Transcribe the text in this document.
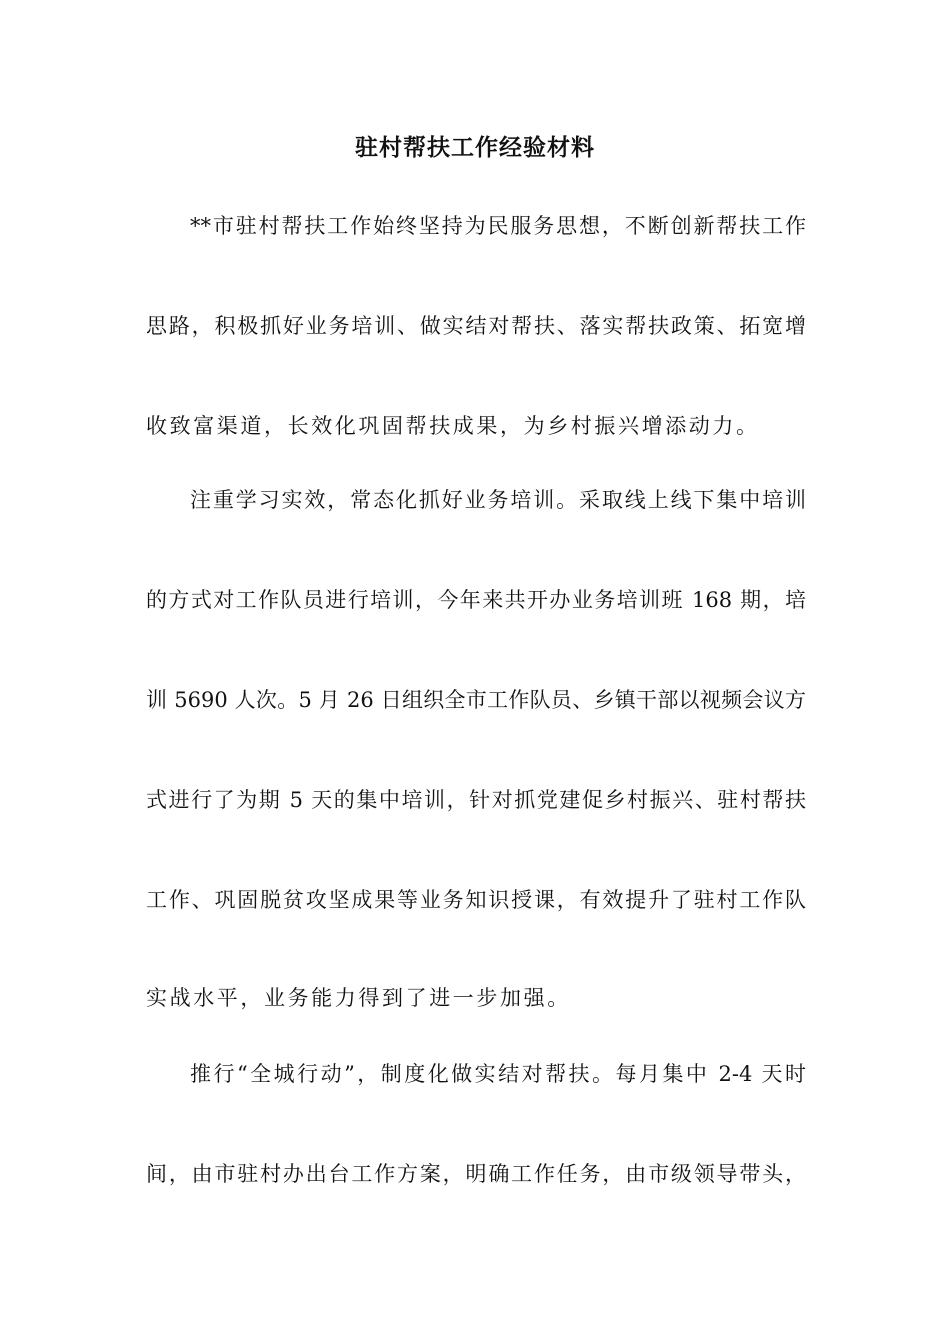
驻村帮扶工作经验材料
**市驻村帮扶工作始终坚持为民服务思想，不断创新帮扶工作
思路，积极抓好业务培训、做实结对帮扶、落实帮扶政策、拓宽增
收致富渠道，长效化巩固帮扶成果，为乡村振兴增添动力。
注重学习实效，常态化抓好业务培训。采取线上线下集中培训
的方式对工作队员进行培训，今年来共开办业务培训班 168 期，培
训 5690 人次。5 月 26 日组织全市工作队员、乡镇干部以视频会议方
式进行了为期 5 天的集中培训，针对抓党建促乡村振兴、驻村帮扶
工作、巩固脱贫攻坚成果等业务知识授课，有效提升了驻村工作队
实战水平，业务能力得到了进一步加强。
推行“全城行动”，制度化做实结对帮扶。每月集中 2-4 天时
间，由市驻村办出台工作方案，明确工作任务，由市级领导带头，
